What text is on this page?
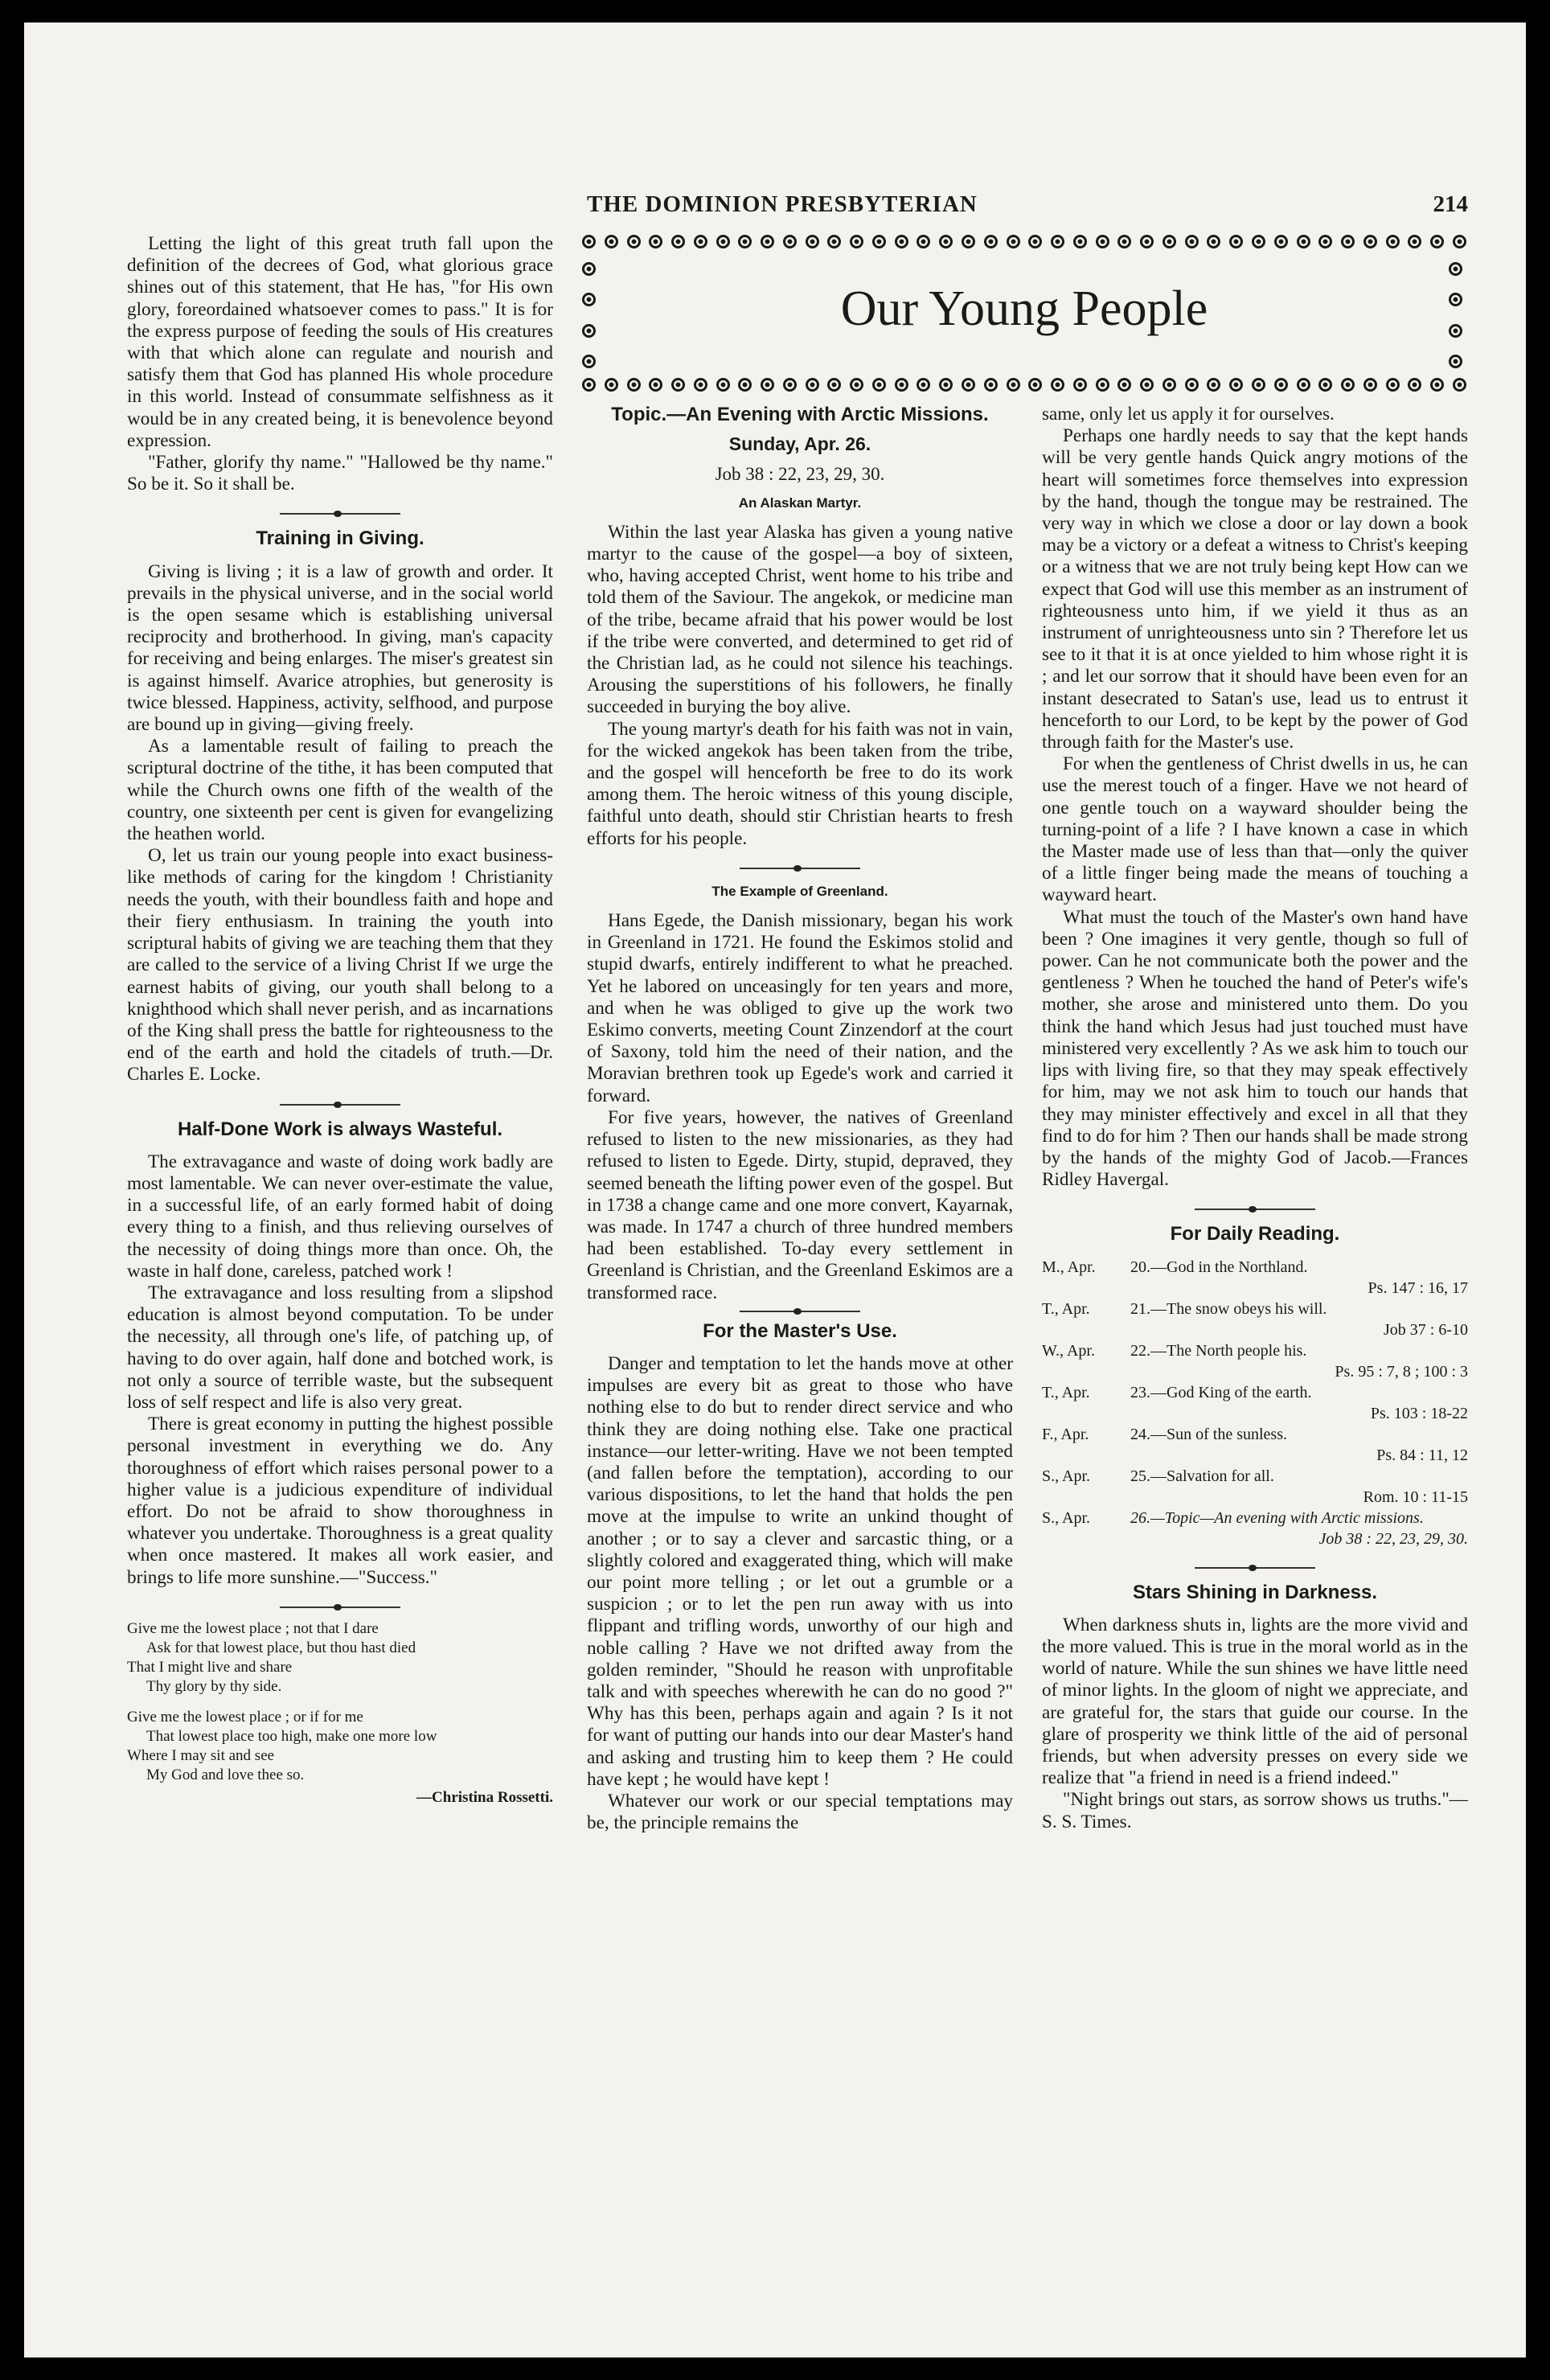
THE DOMINION PRESBYTERIAN	214
Our Young People

Letting the light of this great truth fall upon the definition of the decrees of God, what glorious grace shines out of this statement, that He has, "for His own glory, foreordained whatsoever comes to pass." It is for the express purpose of feeding the souls of His creatures with that which alone can regulate and nourish and satisfy them that God has planned His whole procedure in this world. Instead of consummate selfishness as it would be in any created being, it is benevolence beyond expression.

"Father, glorify thy name." "Hallowed be thy name." So be it. So it shall be.

Training in Giving.

Giving is living ; it is a law of growth and order. It prevails in the physical universe, and in the social world is the open sesame which is establishing universal reciprocity and brotherhood. In giving, man's capacity for receiving and being enlarges. The miser's greatest sin is against himself. Avarice atrophies, but generosity is twice blessed. Happiness, activity, selfhood, and purpose are bound up in giving—giving freely.

As a lamentable result of failing to preach the scriptural doctrine of the tithe, it has been computed that while the Church owns one fifth of the wealth of the country, one sixteenth per cent is given for evangelizing the heathen world.

O, let us train our young people into exact business-like methods of caring for the kingdom ! Christianity needs the youth, with their boundless faith and hope and their fiery enthusiasm. In training the youth into scriptural habits of giving we are teaching them that they are called to the service of a living Christ If we urge the earnest habits of giving, our youth shall belong to a knighthood which shall never perish, and as incarnations of the King shall press the battle for righteousness to the end of the earth and hold the citadels of truth.—Dr. Charles E. Locke.

Half-Done Work is always Wasteful.

The extravagance and waste of doing work badly are most lamentable. We can never over-estimate the value, in a successful life, of an early formed habit of doing every thing to a finish, and thus relieving ourselves of the necessity of doing things more than once. Oh, the waste in half done, careless, patched work !

The extravagance and loss resulting from a slipshod education is almost beyond computation. To be under the necessity, all through one's life, of patching up, of having to do over again, half done and botched work, is not only a source of terrible waste, but the subsequent loss of self respect and life is also very great.

There is great economy in putting the highest possible personal investment in everything we do. Any thoroughness of effort which raises personal power to a higher value is a judicious expenditure of individual effort. Do not be afraid to show thoroughness in whatever you undertake. Thoroughness is a great quality when once mastered. It makes all work easier, and brings to life more sunshine.—"Success."

Give me the lowest place ; not that I dare
Ask for that lowest place, but thou hast died
That I might live and share
Thy glory by thy side.
Give me the lowest place ; or if for me
That lowest place too high, make one more low
Where I may sit and see
My God and love thee so.
—Christina Rossetti.

Topic.—An Evening with Arctic Missions.

Sunday, Apr. 26.

Job 38 : 22, 23, 29, 30.

An Alaskan Martyr.

Within the last year Alaska has given a young native martyr to the cause of the gospel—a boy of sixteen, who, having accepted Christ, went home to his tribe and told them of the Saviour. The angekok, or medicine man of the tribe, became afraid that his power would be lost if the tribe were converted, and determined to get rid of the Christian lad, as he could not silence his teachings. Arousing the superstitions of his followers, he finally succeeded in burying the boy alive.

The young martyr's death for his faith was not in vain, for the wicked angekok has been taken from the tribe, and the gospel will henceforth be free to do its work among them. The heroic witness of this young disciple, faithful unto death, should stir Christian hearts to fresh efforts for his people.

The Example of Greenland.

Hans Egede, the Danish missionary, began his work in Greenland in 1721. He found the Eskimos stolid and stupid dwarfs, entirely indifferent to what he preached. Yet he labored on unceasingly for ten years and more, and when he was obliged to give up the work two Eskimo converts, meeting Count Zinzendorf at the court of Saxony, told him the need of their nation, and the Moravian brethren took up Egede's work and carried it forward.

For five years, however, the natives of Greenland refused to listen to the new missionaries, as they had refused to listen to Egede. Dirty, stupid, depraved, they seemed beneath the lifting power even of the gospel. But in 1738 a change came and one more convert, Kayarnak, was made. In 1747 a church of three hundred members had been established. To-day every settlement in Greenland is Christian, and the Greenland Eskimos are a transformed race.

For the Master's Use.

Danger and temptation to let the hands move at other impulses are every bit as great to those who have nothing else to do but to render direct service and who think they are doing nothing else. Take one practical instance—our letter-writing. Have we not been tempted (and fallen before the temptation), according to our various dispositions, to let the hand that holds the pen move at the impulse to write an unkind thought of another ; or to say a clever and sarcastic thing, or a slightly colored and exaggerated thing, which will make our point more telling ; or let out a grumble or a suspicion ; or to let the pen run away with us into flippant and trifling words, unworthy of our high and noble calling ? Have we not drifted away from the golden reminder, "Should he reason with unprofitable talk and with speeches wherewith he can do no good ?" Why has this been, perhaps again and again ? Is it not for want of putting our hands into our dear Master's hand and asking and trusting him to keep them ? He could have kept ; he would have kept !

Whatever our work or our special temptations may be, the principle remains the

same, only let us apply it for ourselves.

Perhaps one hardly needs to say that the kept hands will be very gentle hands Quick angry motions of the heart will sometimes force themselves into expression by the hand, though the tongue may be restrained. The very way in which we close a door or lay down a book may be a victory or a defeat a witness to Christ's keeping or a witness that we are not truly being kept How can we expect that God will use this member as an instrument of righteousness unto him, if we yield it thus as an instrument of unrighteousness unto sin ? Therefore let us see to it that it is at once yielded to him whose right it is ; and let our sorrow that it should have been even for an instant desecrated to Satan's use, lead us to entrust it henceforth to our Lord, to be kept by the power of God through faith for the Master's use.

For when the gentleness of Christ dwells in us, he can use the merest touch of a finger. Have we not heard of one gentle touch on a wayward shoulder being the turning-point of a life ? I have known a case in which the Master made use of less than that—only the quiver of a little finger being made the means of touching a wayward heart.

What must the touch of the Master's own hand have been ? One imagines it very gentle, though so full of power. Can he not communicate both the power and the gentleness ? When he touched the hand of Peter's wife's mother, she arose and ministered unto them. Do you think the hand which Jesus had just touched must have ministered very excellently ? As we ask him to touch our lips with living fire, so that they may speak effectively for him, may we not ask him to touch our hands that they may minister effectively and excel in all that they find to do for him ? Then our hands shall be made strong by the hands of the mighty God of Jacob.—Frances Ridley Havergal.

For Daily Reading.
M., Apr.	20.—God in the Northland.
Ps. 147 : 16, 17
T., Apr.	21.—The snow obeys his will.
Job 37 : 6-10
W., Apr.	22.—The North people his.
Ps. 95 : 7, 8 ; 100 : 3
T., Apr.	23.—God King of the earth.
Ps. 103 : 18-22
F., Apr.	24.—Sun of the sunless.
Ps. 84 : 11, 12
S., Apr.	25.—Salvation for all.
Rom. 10 : 11-15
S., Apr.	26.—Topic—An evening with Arctic missions.
Job 38 : 22, 23, 29, 30.
Stars Shining in Darkness.

When darkness shuts in, lights are the more vivid and the more valued. This is true in the moral world as in the world of nature. While the sun shines we have little need of minor lights. In the gloom of night we appreciate, and are grateful for, the stars that guide our course. In the glare of prosperity we think little of the aid of personal friends, but when adversity presses on every side we realize that "a friend in need is a friend indeed."

"Night brings out stars, as sorrow shows us truths."—S. S. Times.
